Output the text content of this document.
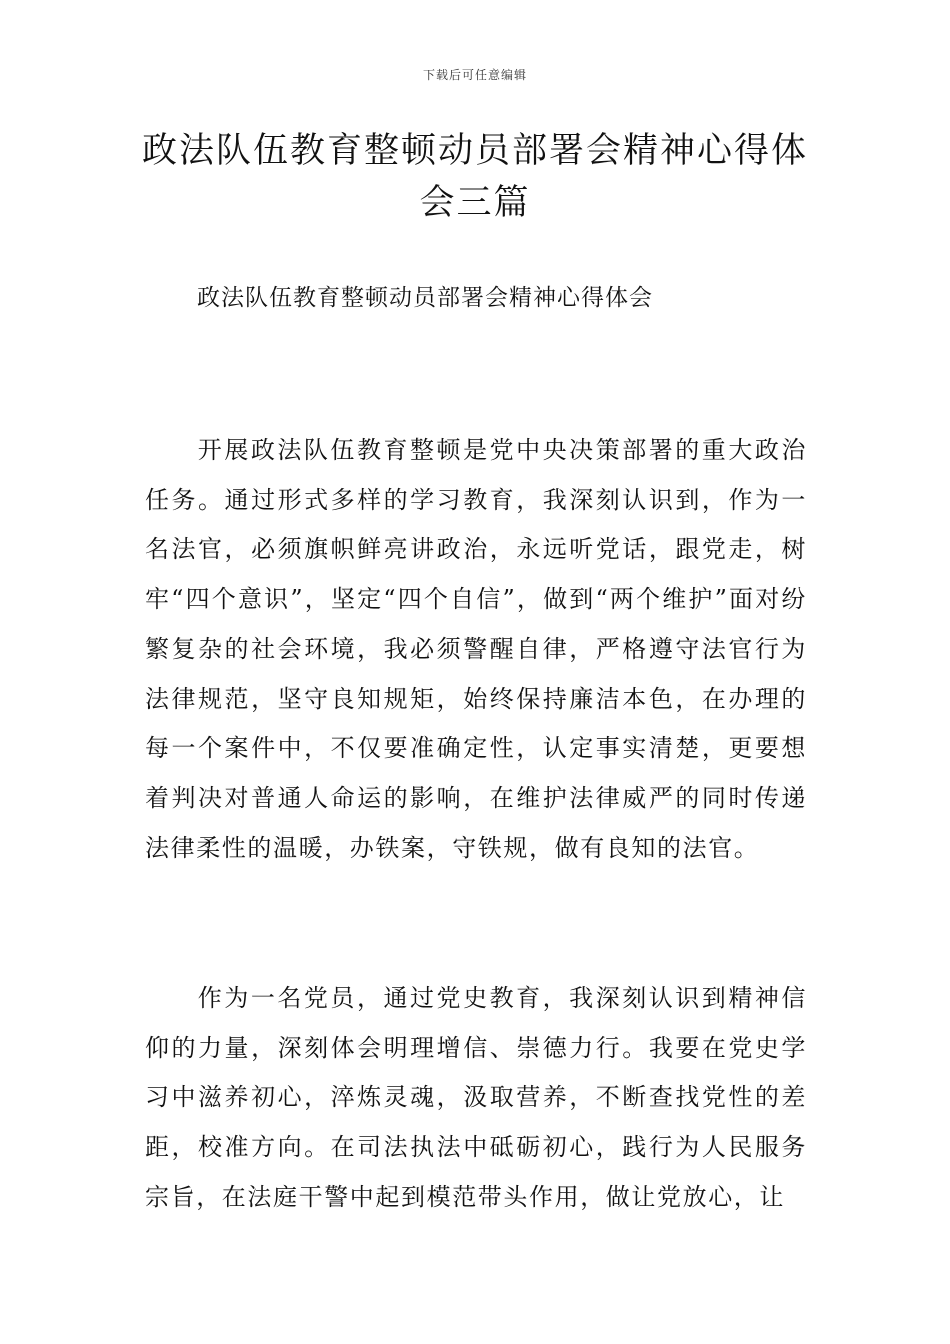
下载后可任意编辑
政法队伍教育整顿动员部署会精神心得体会三篇
政法队伍教育整顿动员部署会精神心得体会

开展政法队伍教育整顿是党中央决策部署的重大政治任务。通过形式多样的学习教育，我深刻认识到，作为一名法官，必须旗帜鲜亮讲政治，永远听党话，跟党走，树牢“四个意识”，坚定“四个自信”，做到“两个维护”面对纷繁复杂的社会环境，我必须警醒自律，严格遵守法官行为法律规范，坚守良知规矩，始终保持廉洁本色，在办理的每一个案件中，不仅要准确定性，认定事实清楚，更要想着判决对普通人命运的影响，在维护法律威严的同时传递法律柔性的温暖，办铁案，守铁规，做有良知的法官。

作为一名党员，通过党史教育，我深刻认识到精神信仰的力量，深刻体会明理增信、崇德力行。我要在党史学习中滋养初心，淬炼灵魂，汲取营养，不断查找党性的差距，校准方向。在司法执法中砥砺初心，践行为人民服务宗旨，在法庭干警中起到模范带头作用，做让党放心，让
